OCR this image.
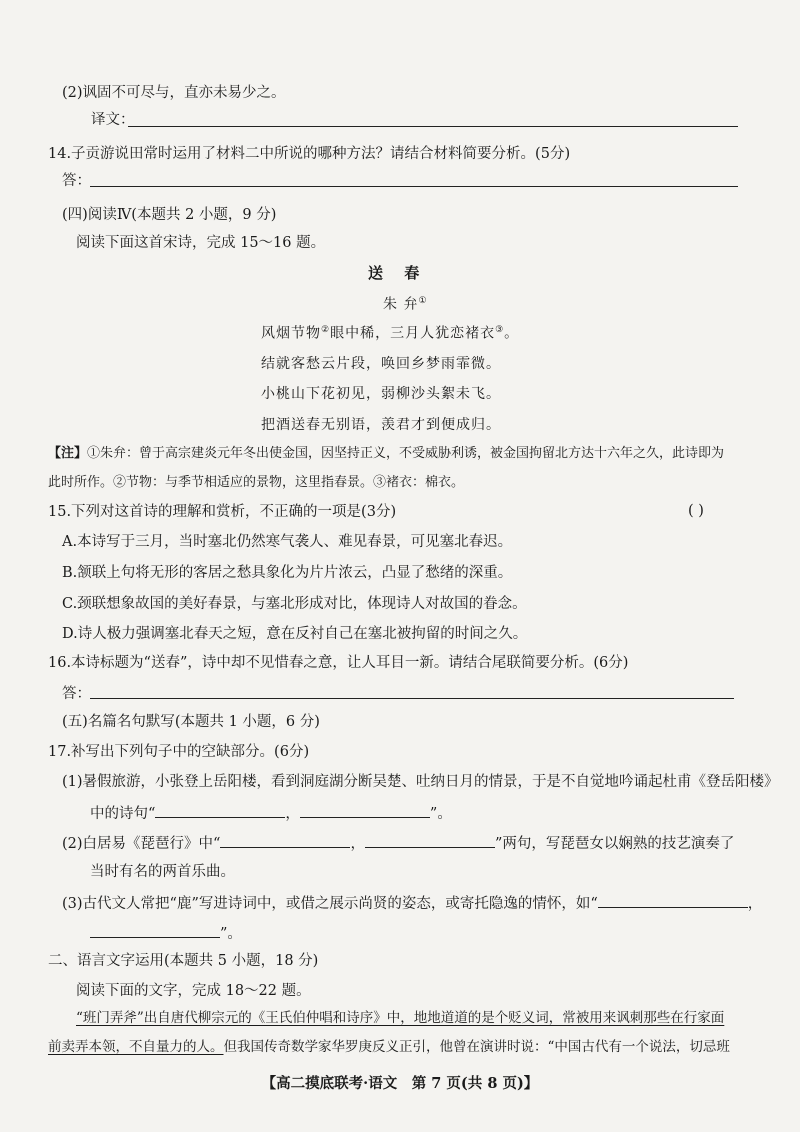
(2)讽固不可尽与，直亦未易少之。
译文：
14.子贡游说田常时运用了材料二中所说的哪种方法？请结合材料简要分析。(5分)
答：
(四)阅读Ⅳ(本题共 2 小题，9 分)
阅读下面这首宋诗，完成 15～16 题。
送 春
朱 弁①
风烟节物②眼中稀，三月人犹恋褚衣③。
结就客愁云片段，唤回乡梦雨霏微。
小桃山下花初见，弱柳沙头絮未飞。
把酒送春无别语，羡君才到便成归。
【注】①朱弁：曾于高宗建炎元年冬出使金国，因坚持正义，不受威胁利诱，被金国拘留北方达十六年之久，此诗即为
此时所作。②节物：与季节相适应的景物，这里指春景。③褚衣：棉衣。
15.下列对这首诗的理解和赏析，不正确的一项是(3分)	( )
A.本诗写于三月，当时塞北仍然寒气袭人、难见春景，可见塞北春迟。
B.颔联上句将无形的客居之愁具象化为片片浓云，凸显了愁绪的深重。
C.颈联想象故国的美好春景，与塞北形成对比，体现诗人对故国的眷念。
D.诗人极力强调塞北春天之短，意在反衬自己在塞北被拘留的时间之久。
16.本诗标题为“送春”，诗中却不见惜春之意，让人耳目一新。请结合尾联简要分析。(6分)
答：
(五)名篇名句默写(本题共 1 小题，6 分)
17.补写出下列句子中的空缺部分。(6分)
(1)暑假旅游，小张登上岳阳楼，看到洞庭湖分断吴楚、吐纳日月的情景，于是不自觉地吟诵起杜甫《登岳阳楼》
中的诗句“	，	”。
(2)白居易《琵琶行》中“	，	”两句，写琵琶女以娴熟的技艺演奏了
当时有名的两首乐曲。
(3)古代文人常把“鹿”写进诗词中，或借之展示尚贤的姿态，或寄托隐逸的情怀，如“	，
”。
二、语言文字运用(本题共 5 小题，18 分)
阅读下面的文字，完成 18～22 题。
“班门弄斧”出自唐代柳宗元的《王氏伯仲唱和诗序》中，地地道道的是个贬义词，常被用来讽刺那些在行家面
前卖弄本领，不自量力的人。但我国传奇数学家华罗庚反义正引，他曾在演讲时说：“中国古代有一个说法，切忌班
【高二摸底联考·语文　第 7 页(共 8 页)】
